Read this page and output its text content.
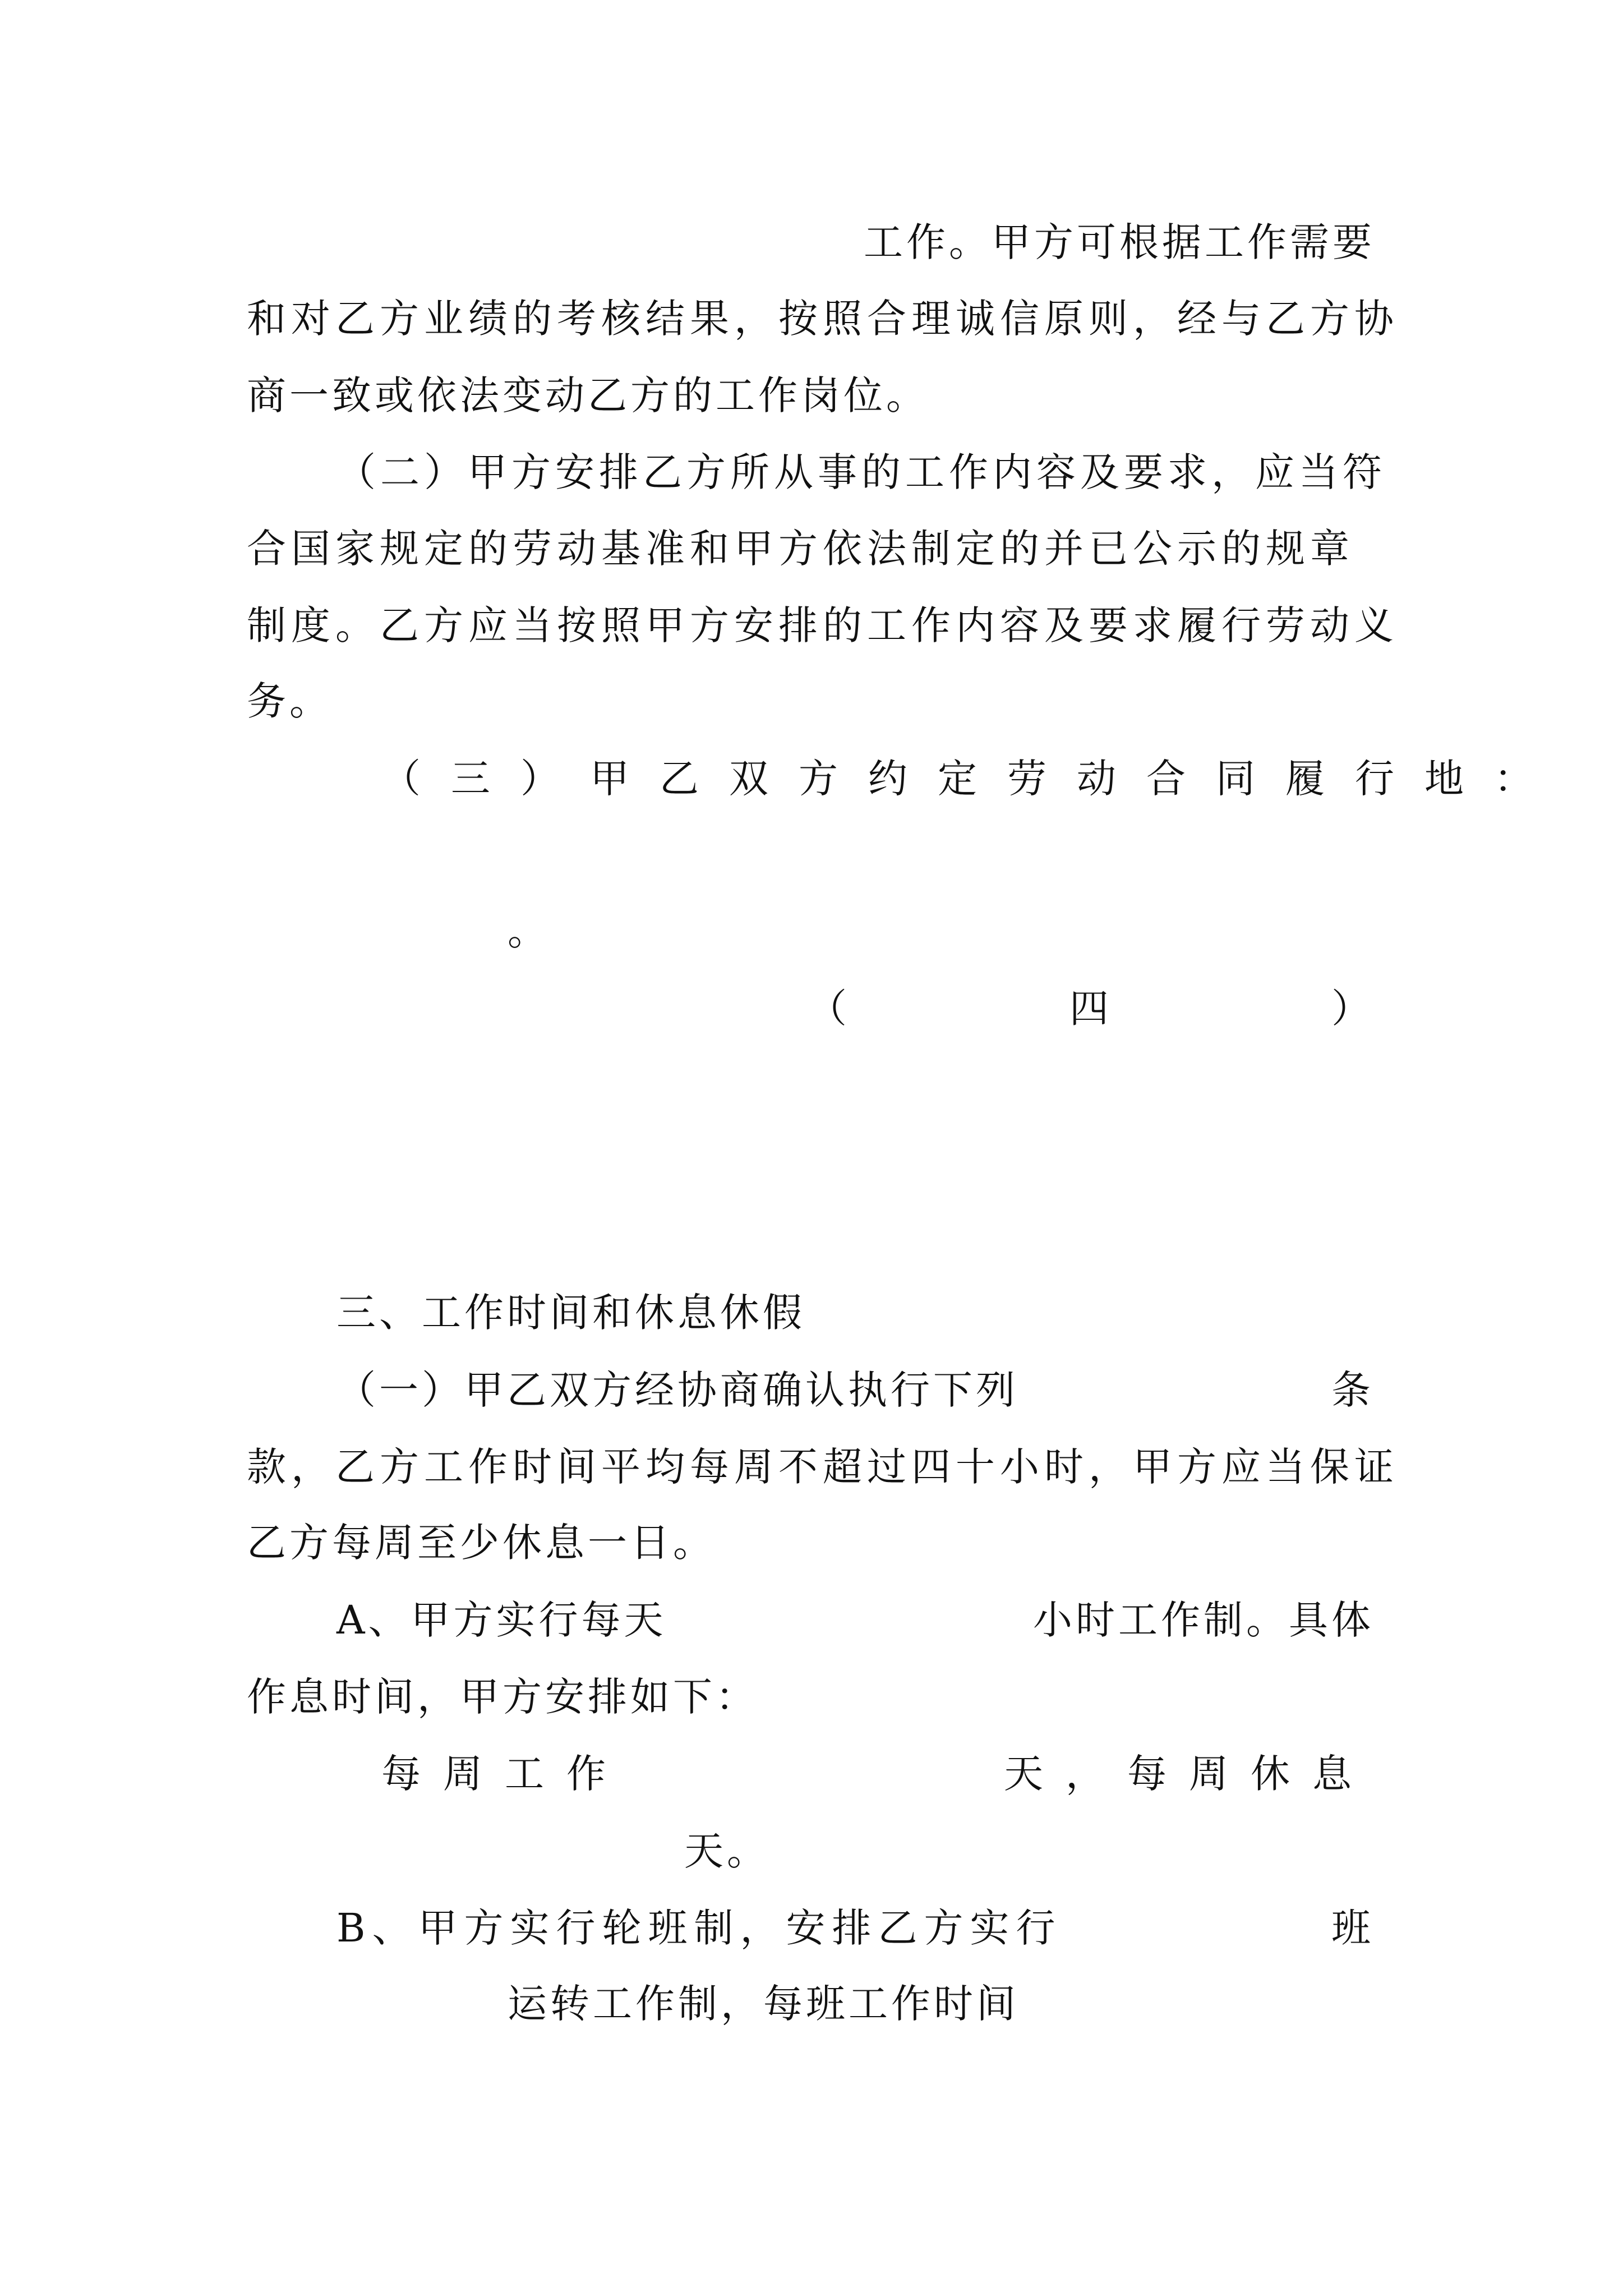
工作。甲方可根据工作需要
和对乙方业绩的考核结果，按照合理诚信原则，经与乙方协
商一致或依法变动乙方的工作岗位。
（二）甲方安排乙方所从事的工作内容及要求，应当符
合国家规定的劳动基准和甲方依法制定的并已公示的规章
制度。乙方应当按照甲方安排的工作内容及要求履行劳动义
务。
（三）甲乙双方约定劳动合同履行地：
。
（	四	）
三、工作时间和休息休假
（一）甲乙双方经协商确认执行下列	条
款，乙方工作时间平均每周不超过四十小时，甲方应当保证
乙方每周至少休息一日。
A、甲方实行每天	小时工作制。具体
作息时间，甲方安排如下：
每周工作	天，每周休息
天。
B、甲方实行轮班制，安排乙方实行	班
运转工作制，每班工作时间
